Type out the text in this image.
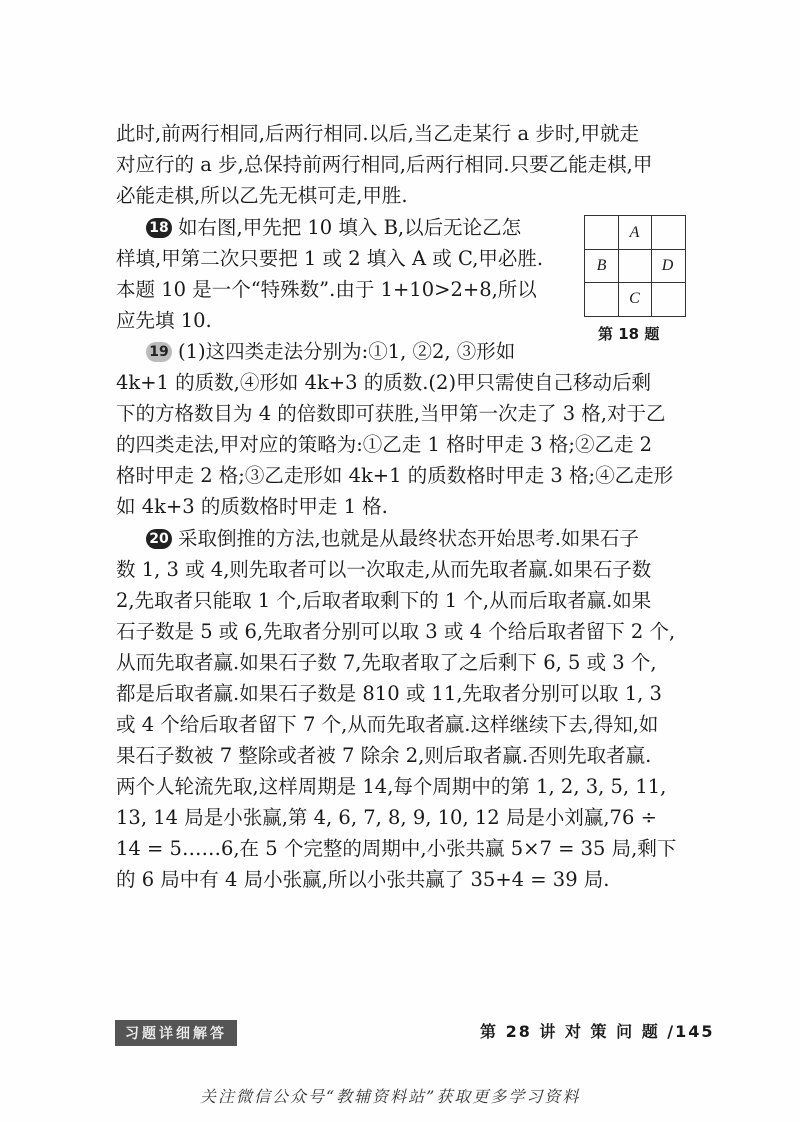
此时,前两行相同,后两行相同.以后,当乙走某行 a 步时,甲就走
对应行的 a 步,总保持前两行相同,后两行相同.只要乙能走棋,甲
必能走棋,所以乙先无棋可走,甲胜.
18 如右图,甲先把 10 填入 B,以后无论乙怎
样填,甲第二次只要把 1 或 2 填入 A 或 C,甲必胜.
本题 10 是一个“特殊数”.由于 1+10>2+8,所以
应先填 10.
A
B	D
C
第 18 题
19 (1)这四类走法分别为:①1, ②2, ③形如
4k+1 的质数,④形如 4k+3 的质数.(2)甲只需使自己移动后剩
下的方格数目为 4 的倍数即可获胜,当甲第一次走了 3 格,对于乙
的四类走法,甲对应的策略为:①乙走 1 格时甲走 3 格;②乙走 2
格时甲走 2 格;③乙走形如 4k+1 的质数格时甲走 3 格;④乙走形
如 4k+3 的质数格时甲走 1 格.
20 采取倒推的方法,也就是从最终状态开始思考.如果石子
数 1, 3 或 4,则先取者可以一次取走,从而先取者赢.如果石子数
2,先取者只能取 1 个,后取者取剩下的 1 个,从而后取者赢.如果
石子数是 5 或 6,先取者分别可以取 3 或 4 个给后取者留下 2 个,
从而先取者赢.如果石子数 7,先取者取了之后剩下 6, 5 或 3 个,
都是后取者赢.如果石子数是 810 或 11,先取者分别可以取 1, 3
或 4 个给后取者留下 7 个,从而先取者赢.这样继续下去,得知,如
果石子数被 7 整除或者被 7 除余 2,则后取者赢.否则先取者赢.
两个人轮流先取,这样周期是 14,每个周期中的第 1, 2, 3, 5, 11,
13, 14 局是小张赢,第 4, 6, 7, 8, 9, 10, 12 局是小刘赢,76 ÷
14 = 5……6,在 5 个完整的周期中,小张共赢 5×7 = 35 局,剩下
的 6 局中有 4 局小张赢,所以小张共赢了 35+4 = 39 局.
习题详细解答	第 28 讲 对 策 问 题 /145
关注微信公众号“教辅资料站”获取更多学习资料
